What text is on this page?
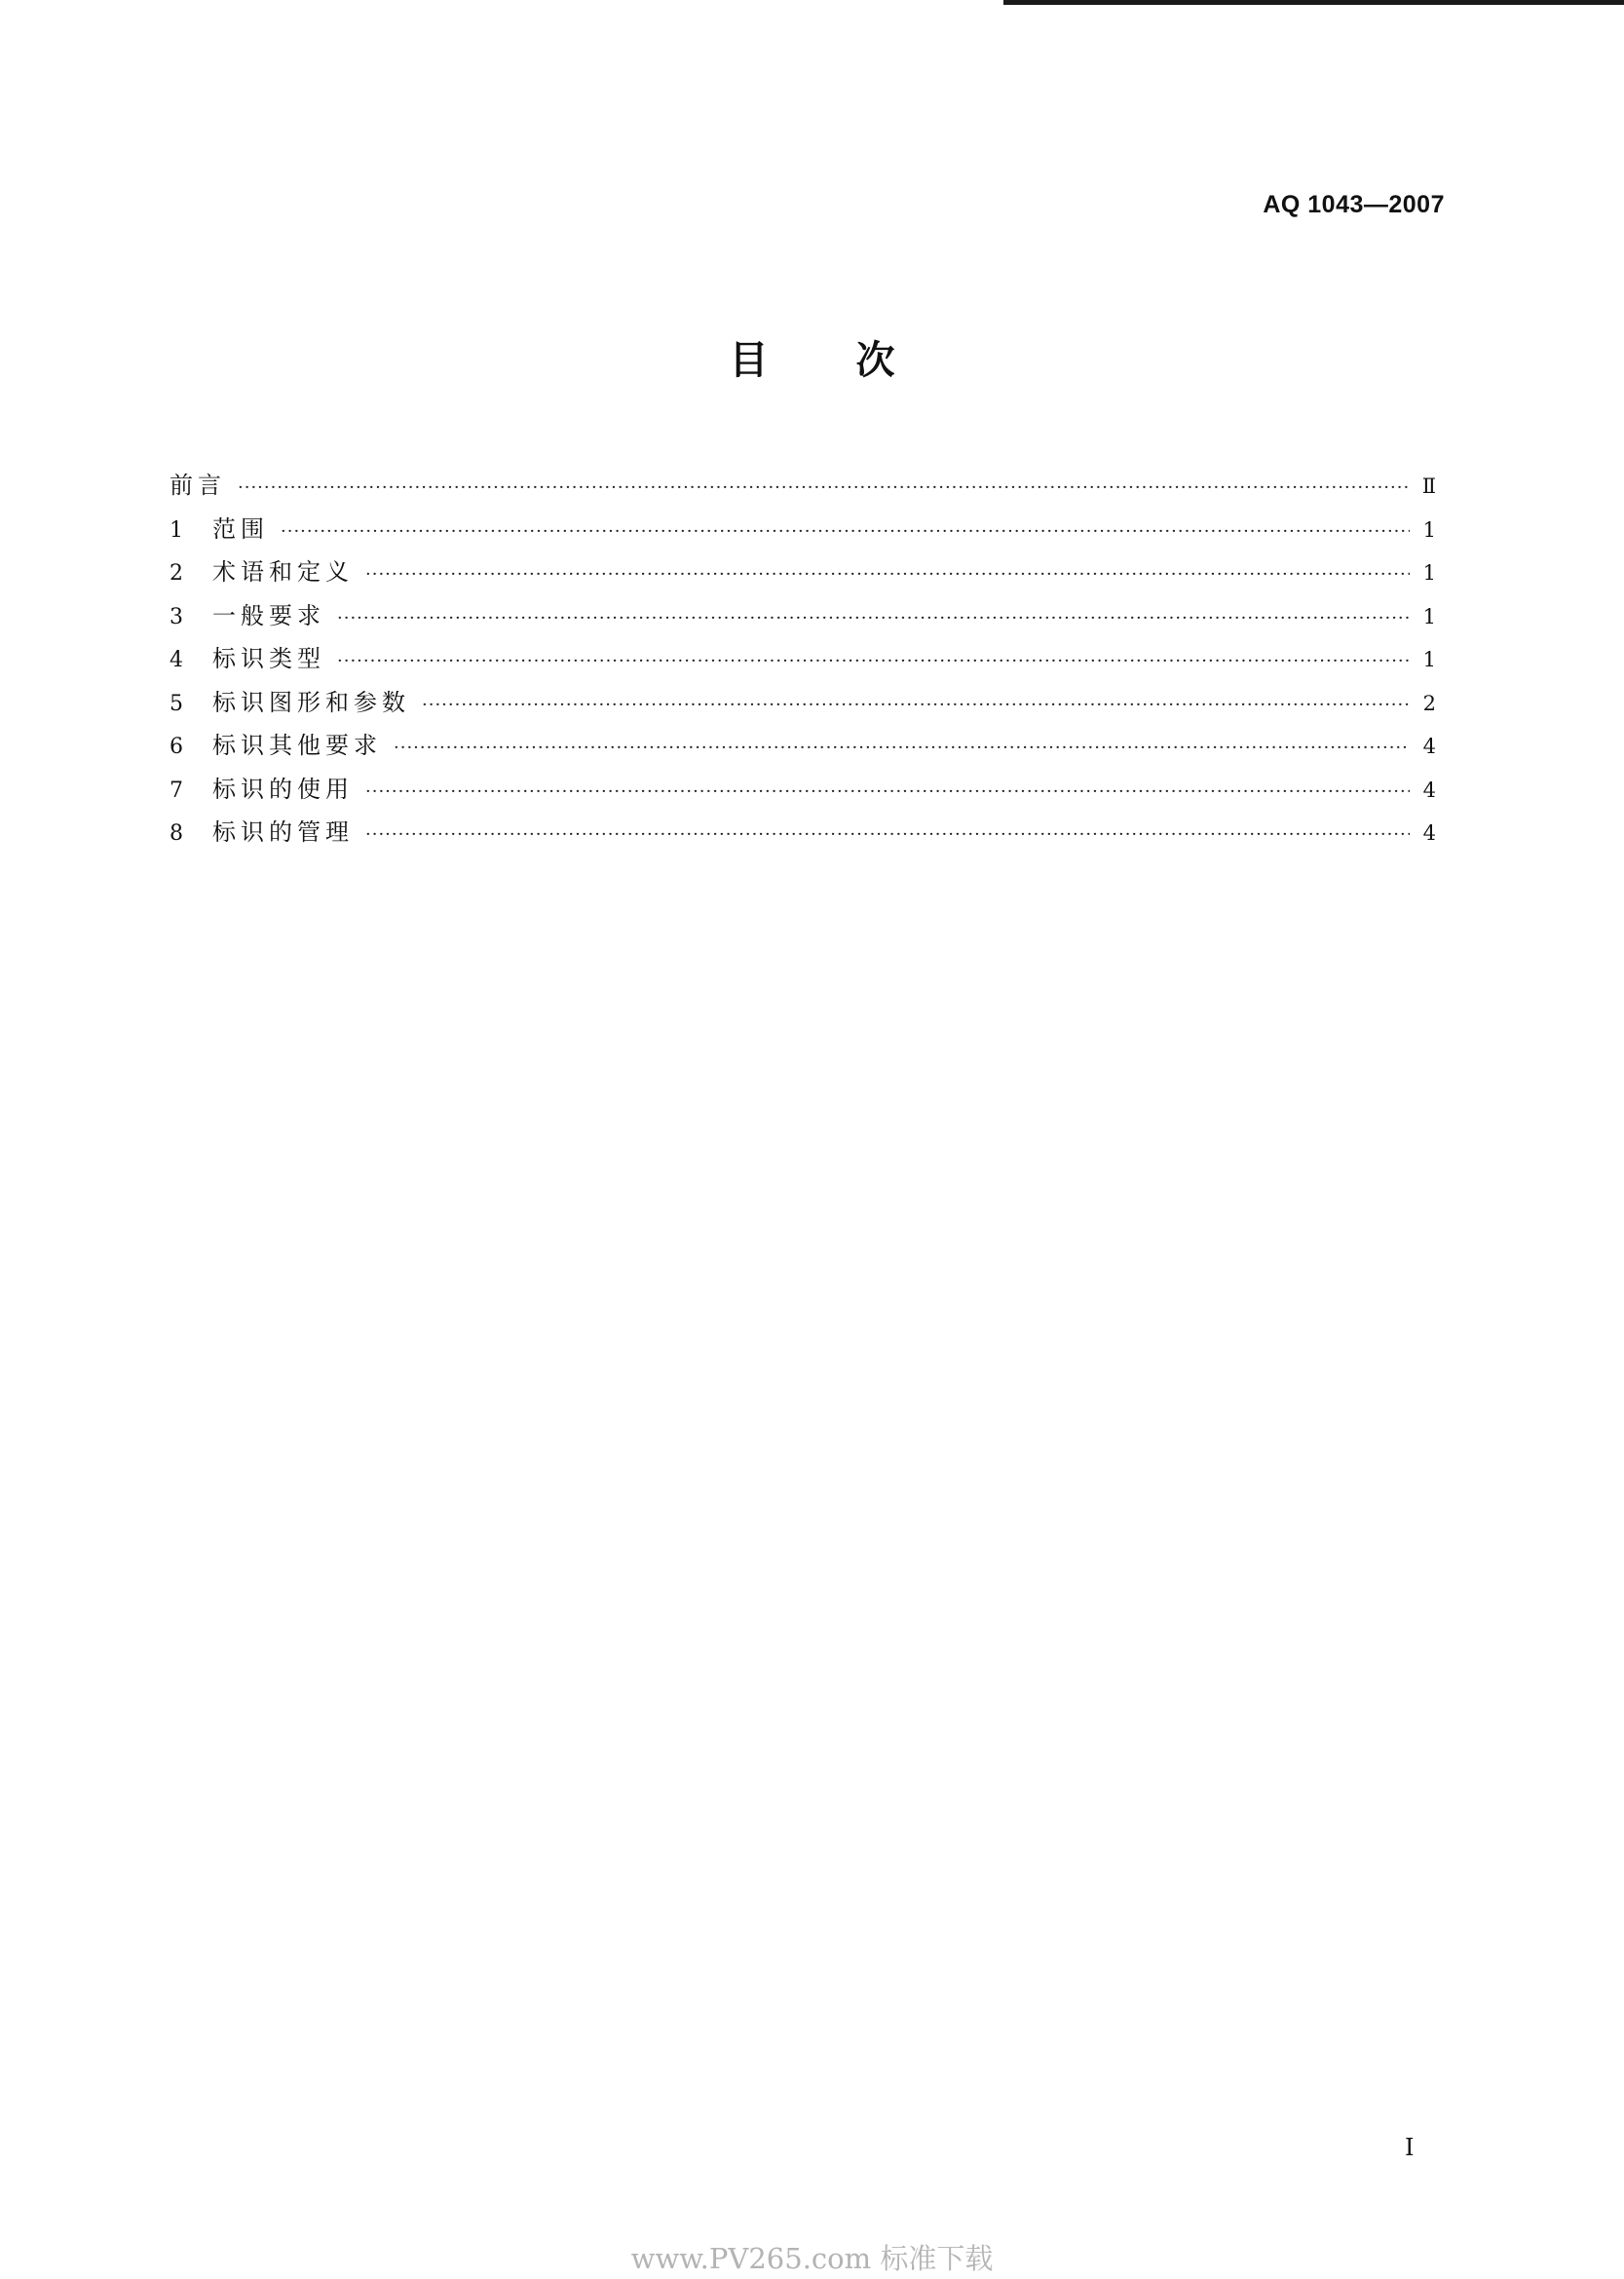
AQ 1043—2007
目次
前言 ·····	Ⅱ
1	范围 ·····	1
2	术语和定义 ·····	1
3	一般要求 ·····	1
4	标识类型 ·····	1
5	标识图形和参数 ·····	2
6	标识其他要求 ·····	4
7	标识的使用 ·····	4
8	标识的管理 ·····	4
I
www.PV265.com 标准下载
